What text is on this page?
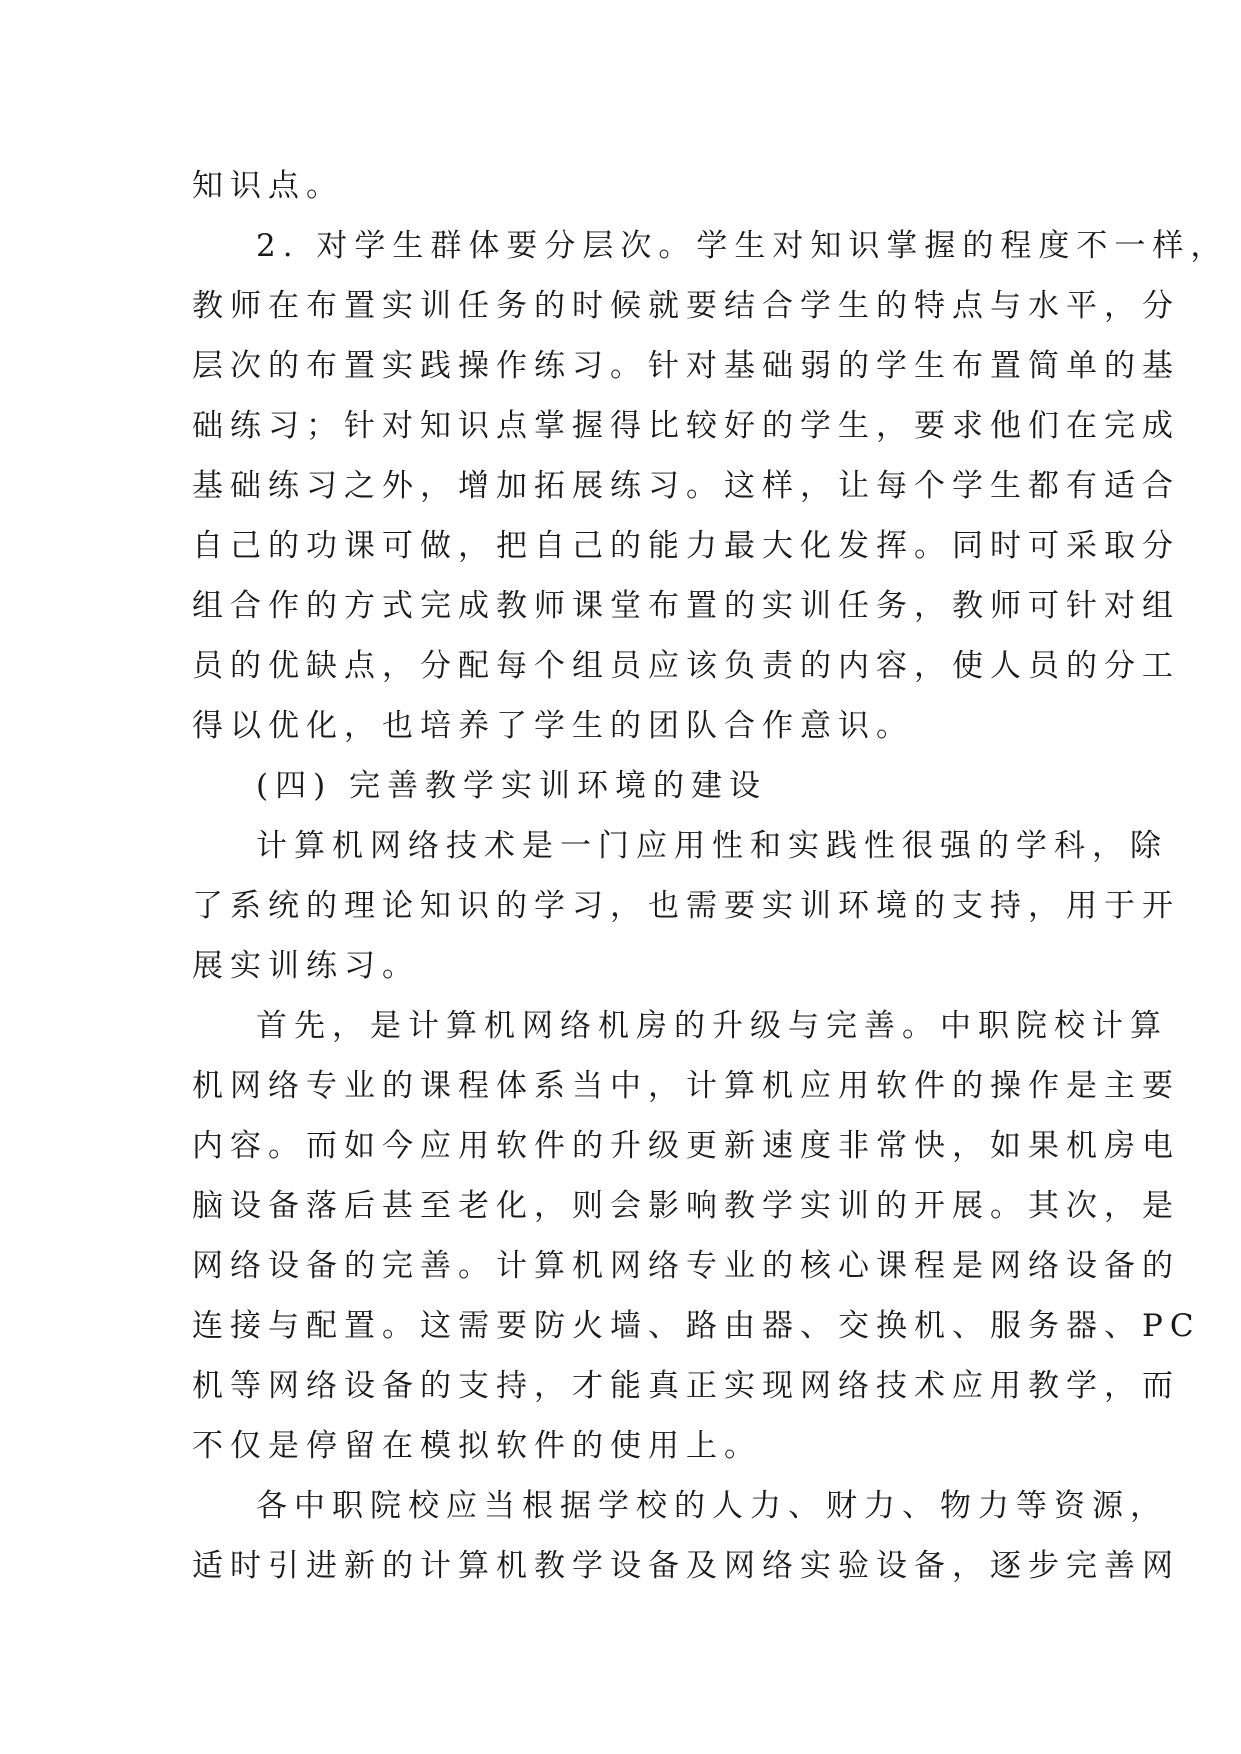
知识点。
2. 对学生群体要分层次。学生对知识掌握的程度不一样，
教师在布置实训任务的时候就要结合学生的特点与水平，分
层次的布置实践操作练习。针对基础弱的学生布置简单的基
础练习；针对知识点掌握得比较好的学生，要求他们在完成
基础练习之外，增加拓展练习。这样，让每个学生都有适合
自己的功课可做，把自己的能力最大化发挥。同时可采取分
组合作的方式完成教师课堂布置的实训任务，教师可针对组
员的优缺点，分配每个组员应该负责的内容，使人员的分工
得以优化，也培养了学生的团队合作意识。
(四) 完善教学实训环境的建设
计算机网络技术是一门应用性和实践性很强的学科，除
了系统的理论知识的学习，也需要实训环境的支持，用于开
展实训练习。
首先，是计算机网络机房的升级与完善。中职院校计算
机网络专业的课程体系当中，计算机应用软件的操作是主要
内容。而如今应用软件的升级更新速度非常快，如果机房电
脑设备落后甚至老化，则会影响教学实训的开展。其次，是
网络设备的完善。计算机网络专业的核心课程是网络设备的
连接与配置。这需要防火墙、路由器、交换机、服务器、PC
机等网络设备的支持，才能真正实现网络技术应用教学，而
不仅是停留在模拟软件的使用上。
各中职院校应当根据学校的人力、财力、物力等资源，
适时引进新的计算机教学设备及网络实验设备，逐步完善网
